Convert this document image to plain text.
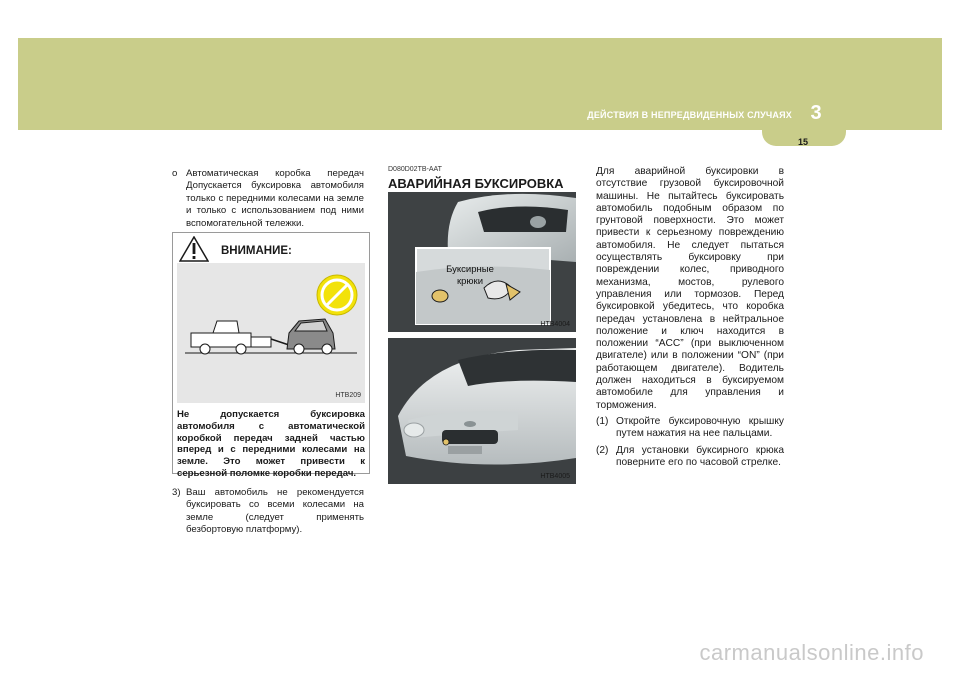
ДЕЙСТВИЯ В НЕПРЕДВИДЕННЫХ СЛУЧАЯХ 3
15
o Автоматическая коробка передач Допускается буксировка автомобиля только с передними колесами на земле и только с использованием под ними вспомогательной тележки.
ВНИМАНИЕ:
HTB209
Не допускается буксировка автомобиля с автоматической коробкой передач задней частью вперед и с передними колесами на земле. Это может привести к серьезной поломке коробки передач.
3) Ваш автомобиль не рекомендуется буксировать со всеми колесами на земле (следует применять безбортовую платформу).
D080D02TB-AAT
АВАРИЙНАЯ БУКСИРОВКА
Буксирные крюки
HTB4004
HTB4005
Для аварийной буксировки в отсутствие грузовой буксировочной машины. Не пытайтесь буксировать автомобиль подобным образом по грунтовой поверхности. Это может привести к серьезному повреждению автомобиля. Не следует пытаться осуществлять буксировку при повреждении колес, приводного механизма, мостов, рулевого управления или тормозов. Перед буксировкой убедитесь, что коробка передач установлена в нейтральное положение и ключ находится в положении “ACC” (при выключенном двигателе) или в положении “ON” (при работающем двигателе). Водитель должен находиться в буксируемом автомобиле для управления и торможения.
(1) Откройте буксировочную крышку путем нажатия на нее пальцами.
(2) Для установки буксирного крюка поверните его по часовой стрелке.
carmanualsonline.info
